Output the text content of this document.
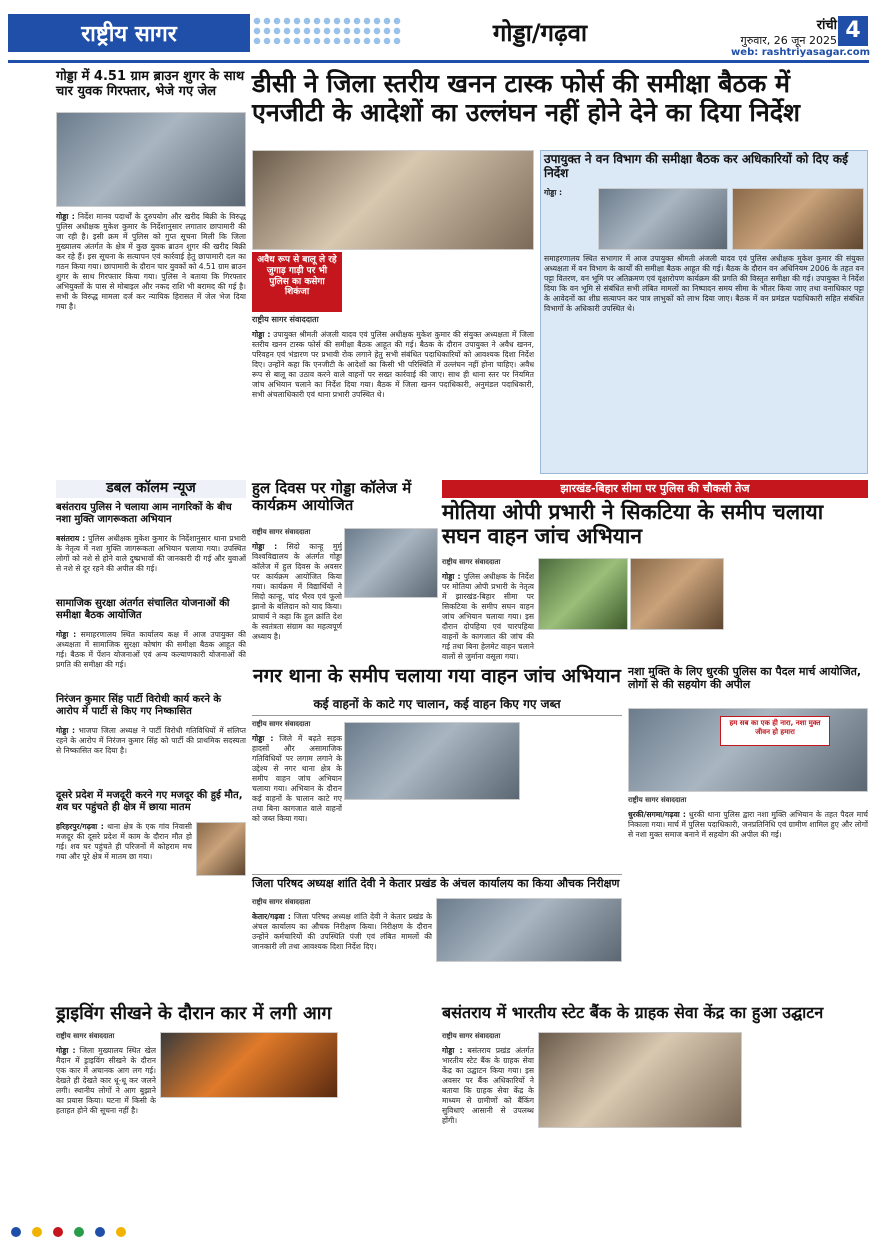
राष्ट्रीय सागर	गोड्डा/गढ़वा	रांची
गुरुवार, 26 जून 2025 4
web: rashtriyasagar.com
गोड्डा में 4.51 ग्राम ब्राउन शुगर के साथ चार युवक गिरफ्तार, भेजे गए जेल
गोड्डा : निर्देश मानव पदार्थों के दुरुपयोग और खरीद बिक्री के विरुद्ध पुलिस अधीक्षक मुकेश कुमार के निर्देशानुसार लगातार छापामारी की जा रही है। इसी क्रम में पुलिस को गुप्त सूचना मिली कि जिला मुख्यालय अंतर्गत के क्षेत्र में कुछ युवक ब्राउन शुगर की खरीद बिक्री कर रहे हैं। इस सूचना के सत्यापन एवं कार्रवाई हेतु छापामारी दल का गठन किया गया। छापामारी के दौरान चार युवकों को 4.51 ग्राम ब्राउन शुगर के साथ गिरफ्तार किया गया। पुलिस ने बताया कि गिरफ्तार अभियुक्तों के पास से मोबाइल और नकद राशि भी बरामद की गई है। सभी के विरुद्ध मामला दर्ज कर न्यायिक हिरासत में जेल भेज दिया गया है।
डीसी ने जिला स्तरीय खनन टास्क फोर्स की समीक्षा बैठक में एनजीटी के आदेशों का उल्लंघन नहीं होने देने का दिया निर्देश
अवैध रूप से बालू ले रहे जुगाड़ गाड़ी पर भी पुलिस का कसेगा शिकंजा
राष्ट्रीय सागर संवाददाता
गोड्डा : उपायुक्त श्रीमती अंजली यादव एवं पुलिस अधीक्षक मुकेश कुमार की संयुक्त अध्यक्षता में जिला स्तरीय खनन टास्क फोर्स की समीक्षा बैठक आहूत की गई। बैठक के दौरान उपायुक्त ने अवैध खनन, परिवहन एवं भंडारण पर प्रभावी रोक लगाने हेतु सभी संबंधित पदाधिकारियों को आवश्यक दिशा निर्देश दिए। उन्होंने कहा कि एनजीटी के आदेशों का किसी भी परिस्थिति में उल्लंघन नहीं होना चाहिए। अवैध रूप से बालू का उठाव करने वाले वाहनों पर सख्त कार्रवाई की जाए। साथ ही थाना स्तर पर नियमित जांच अभियान चलाने का निर्देश दिया गया। बैठक में जिला खनन पदाधिकारी, अनुमंडल पदाधिकारी, सभी अंचलाधिकारी एवं थाना प्रभारी उपस्थित थे।
उपायुक्त ने वन विभाग की समीक्षा बैठक कर अधिकारियों को दिए कई निर्देश
गोड्डा :
समाहरणालय स्थित सभागार में आज उपायुक्त श्रीमती अंजली यादव एवं पुलिस अधीक्षक मुकेश कुमार की संयुक्त अध्यक्षता में वन विभाग के कार्यों की समीक्षा बैठक आहूत की गई। बैठक के दौरान वन अधिनियम 2006 के तहत वन पट्टा वितरण, वन भूमि पर अतिक्रमण एवं वृक्षारोपण कार्यक्रम की प्रगति की विस्तृत समीक्षा की गई। उपायुक्त ने निर्देश दिया कि वन भूमि से संबंधित सभी लंबित मामलों का निष्पादन समय सीमा के भीतर किया जाए तथा वनाधिकार पट्टा के आवेदनों का शीघ्र सत्यापन कर पात्र लाभुकों को लाभ दिया जाए। बैठक में वन प्रमंडल पदाधिकारी सहित संबंधित विभागों के अधिकारी उपस्थित थे।
डबल कॉलम न्यूज
बसंतराय पुलिस ने चलाया आम नागरिकों के बीच नशा मुक्ति जागरूकता अभियान
बसंतराय : पुलिस अधीक्षक मुकेश कुमार के निर्देशानुसार थाना प्रभारी के नेतृत्व में नशा मुक्ति जागरूकता अभियान चलाया गया। उपस्थित लोगों को नशे से होने वाले दुष्प्रभावों की जानकारी दी गई और युवाओं से नशे से दूर रहने की अपील की गई।
सामाजिक सुरक्षा अंतर्गत संचालित योजनाओं की समीक्षा बैठक आयोजित
गोड्डा : समाहरणालय स्थित कार्यालय कक्ष में आज उपायुक्त की अध्यक्षता में सामाजिक सुरक्षा कोषांग की समीक्षा बैठक आहूत की गई। बैठक में पेंशन योजनाओं एवं अन्य कल्याणकारी योजनाओं की प्रगति की समीक्षा की गई।
निरंजन कुमार सिंह पार्टी विरोधी कार्य करने के आरोप में पार्टी से किए गए निष्कासित
गोड्डा : भाजपा जिला अध्यक्ष ने पार्टी विरोधी गतिविधियों में संलिप्त रहने के आरोप में निरंजन कुमार सिंह को पार्टी की प्राथमिक सदस्यता से निष्कासित कर दिया है।
दूसरे प्रदेश में मजदूरी करने गए मजदूर की हुई मौत, शव घर पहुंचते ही क्षेत्र में छाया मातम
हरिहरपुर/गढ़वा : थाना क्षेत्र के एक गांव निवासी मजदूर की दूसरे प्रदेश में काम के दौरान मौत हो गई। शव घर पहुंचते ही परिजनों में कोहराम मच गया और पूरे क्षेत्र में मातम छा गया।
हुल दिवस पर गोड्डा कॉलेज में कार्यक्रम आयोजित
राष्ट्रीय सागर संवाददाता
गोड्डा : सिदो कान्हू मुर्मू विश्वविद्यालय के अंतर्गत गोड्डा कॉलेज में हुल दिवस के अवसर पर कार्यक्रम आयोजित किया गया। कार्यक्रम में विद्यार्थियों ने सिदो कान्हू, चांद भैरव एवं फूलो झानो के बलिदान को याद किया। प्राचार्य ने कहा कि हुल क्रांति देश के स्वतंत्रता संग्राम का महत्वपूर्ण अध्याय है।
झारखंड-बिहार सीमा पर पुलिस की चौकसी तेज
मोतिया ओपी प्रभारी ने सिकटिया के समीप चलाया सघन वाहन जांच अभियान
राष्ट्रीय सागर संवाददाता
गोड्डा : पुलिस अधीक्षक के निर्देश पर मोतिया ओपी प्रभारी के नेतृत्व में झारखंड-बिहार सीमा पर सिकटिया के समीप सघन वाहन जांच अभियान चलाया गया। इस दौरान दोपहिया एवं चारपहिया वाहनों के कागजात की जांच की गई तथा बिना हेलमेट वाहन चलाने वालों से जुर्माना वसूला गया।
नगर थाना के समीप चलाया गया वाहन जांच अभियान
कई वाहनों के काटे गए चालान, कई वाहन किए गए जब्त
राष्ट्रीय सागर संवाददाता
गोड्डा : जिले में बढ़ते सड़क हादसों और असामाजिक गतिविधियों पर लगाम लगाने के उद्देश्य से नगर थाना क्षेत्र के समीप वाहन जांच अभियान चलाया गया। अभियान के दौरान कई वाहनों के चालान काटे गए तथा बिना कागजात वाले वाहनों को जब्त किया गया।
नशा मुक्ति के लिए धुरकी पुलिस का पैदल मार्च आयोजित, लोगों से की सहयोग की अपील
हम सब का एक ही नारा, नशा मुक्त जीवन हो हमारा
राष्ट्रीय सागर संवाददाता
धुरकी/सगमा/गढ़वा : धुरकी थाना पुलिस द्वारा नशा मुक्ति अभियान के तहत पैदल मार्च निकाला गया। मार्च में पुलिस पदाधिकारी, जनप्रतिनिधि एवं ग्रामीण शामिल हुए और लोगों से नशा मुक्त समाज बनाने में सहयोग की अपील की गई।
जिला परिषद अध्यक्ष शांति देवी ने केतार प्रखंड के अंचल कार्यालय का किया औचक निरीक्षण
राष्ट्रीय सागर संवाददाता
केतार/गढ़वा : जिला परिषद अध्यक्ष शांति देवी ने केतार प्रखंड के अंचल कार्यालय का औचक निरीक्षण किया। निरीक्षण के दौरान उन्होंने कर्मचारियों की उपस्थिति पंजी एवं लंबित मामलों की जानकारी ली तथा आवश्यक दिशा निर्देश दिए।
ड्राइविंग सीखने के दौरान कार में लगी आग
राष्ट्रीय सागर संवाददाता
गोड्डा : जिला मुख्यालय स्थित खेल मैदान में ड्राइविंग सीखने के दौरान एक कार में अचानक आग लग गई। देखते ही देखते कार धू-धू कर जलने लगी। स्थानीय लोगों ने आग बुझाने का प्रयास किया। घटना में किसी के हताहत होने की सूचना नहीं है।
बसंतराय में भारतीय स्टेट बैंक के ग्राहक सेवा केंद्र का हुआ उद्घाटन
राष्ट्रीय सागर संवाददाता
गोड्डा : बसंतराय प्रखंड अंतर्गत भारतीय स्टेट बैंक के ग्राहक सेवा केंद्र का उद्घाटन किया गया। इस अवसर पर बैंक अधिकारियों ने बताया कि ग्राहक सेवा केंद्र के माध्यम से ग्रामीणों को बैंकिंग सुविधाएं आसानी से उपलब्ध होंगी।
